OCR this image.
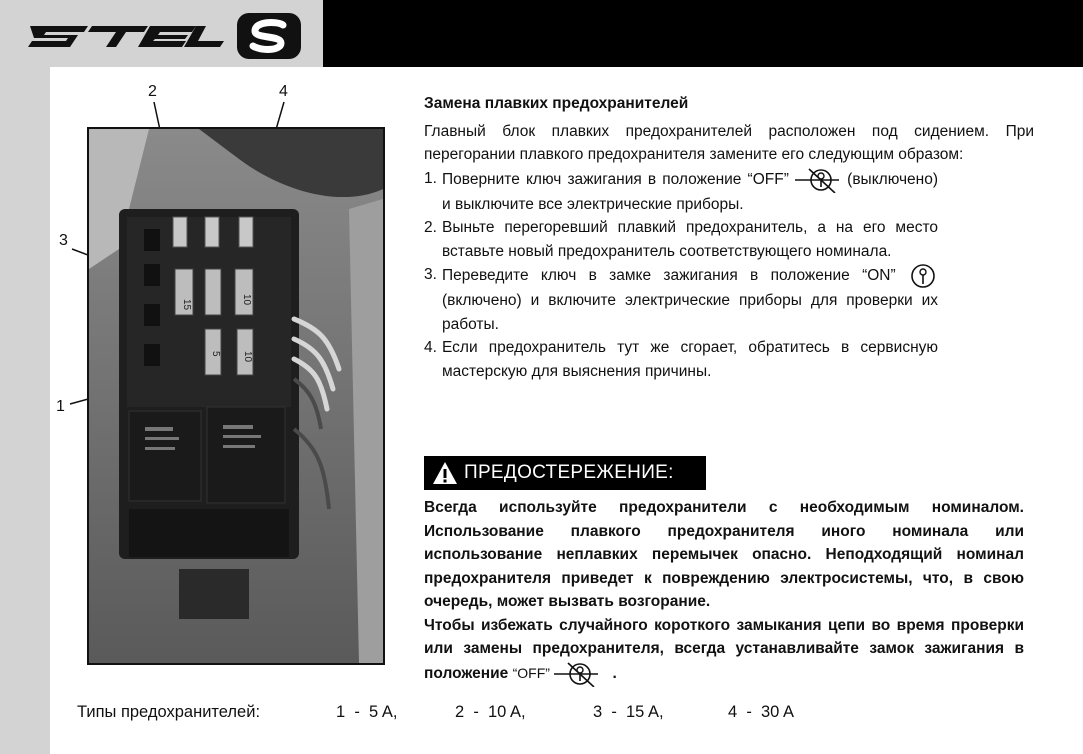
2	4
3
1
15	10
10
5
Замена плавких предохранителей

Главный блок плавких предохранителей расположен под сидением. При перегорании плавкого предохранителя замените его следующим образом:

1. Поверните ключ зажигания в положение “OFF”	(выключено) и выключите все электрические приборы.
2. Выньте перегоревший плавкий предохранитель, а на его место вставьте новый предохранитель соответствующего номинала.
3. Переведите ключ в замке зажигания в положение “ON”  (включено) и включите электрические приборы для проверки их работы.
4. Если предохранитель тут же сгорает, обратитесь в сервисную мастерскую для выяснения причины.
ПРЕДОСТЕРЕЖЕНИЕ:

Всегда используйте предохранители с необходимым номиналом. Использование плавкого предохранителя иного номинала или использование неплавких перемычек опасно. Неподходящий номинал предохранителя приведет к повреждению электросистемы, что, в свою очередь, может вызвать возгорание.

Чтобы избежать случайного короткого замыкания цепи во время проверки или замены предохранителя, всегда устанавливайте замок зажигания в положение “OFF”	.

Типы предохранителей:	1  -  5 A,	2  -  10 A,	3  -  15 A,	4  -  30 A
